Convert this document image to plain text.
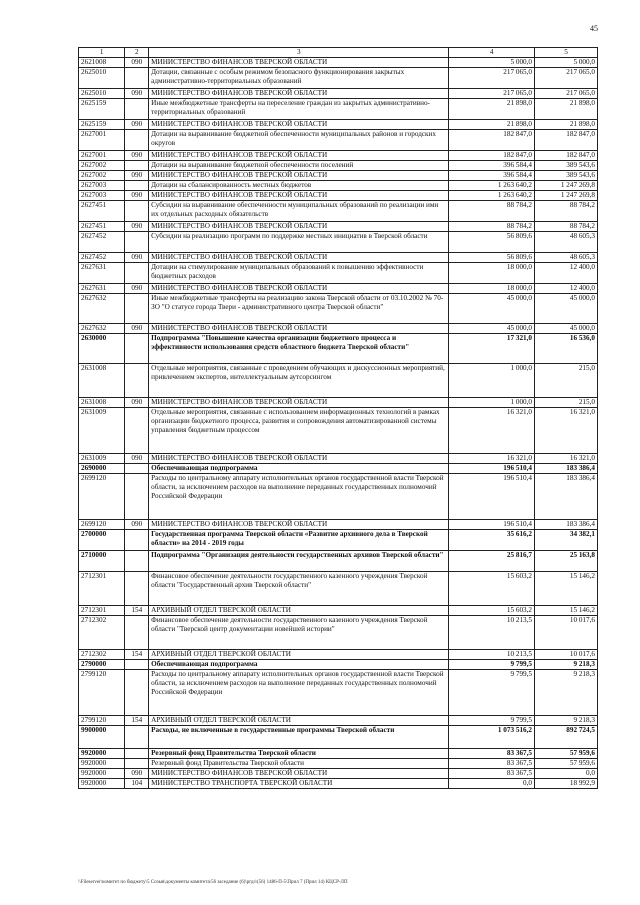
45
1	2	3	4	5
2621008	090	МИНИСТЕРСТВО ФИНАНСОВ ТВЕРСКОЙ ОБЛАСТИ	5 000,0	5 000,0
2625010		Дотации, связанные с особым режимом безопасного функционирования закрытых административно-территориальных образований	217 065,0	217 065,0
2625010	090	МИНИСТЕРСТВО ФИНАНСОВ ТВЕРСКОЙ ОБЛАСТИ	217 065,0	217 065,0
2625159		Иные межбюджетные трансферты на переселение граждан из закрытых административно-территориальных образований	21 898,0	21 898,0
2625159	090	МИНИСТЕРСТВО ФИНАНСОВ ТВЕРСКОЙ ОБЛАСТИ	21 898,0	21 898,0
2627001		Дотации на выравнивание бюджетной обеспеченности муниципальных районов и городских округов	182 847,0	182 847,0
2627001	090	МИНИСТЕРСТВО ФИНАНСОВ ТВЕРСКОЙ ОБЛАСТИ	182 847,0	182 847,0
2627002		Дотации на выравнивание бюджетной обеспеченности поселений	396 584,4	389 543,6
2627002	090	МИНИСТЕРСТВО ФИНАНСОВ ТВЕРСКОЙ ОБЛАСТИ	396 584,4	389 543,6
2627003		Дотации на сбалансированность местных бюджетов	1 263 640,2	1 247 269,8
2627003	090	МИНИСТЕРСТВО ФИНАНСОВ ТВЕРСКОЙ ОБЛАСТИ	1 263 640,2	1 247 269,8
2627451		Субсидии на выравнивание обеспеченности муниципальных образований по реализации ими их отдельных расходных обязательств	88 784,2	88 784,2
2627451	090	МИНИСТЕРСТВО ФИНАНСОВ ТВЕРСКОЙ ОБЛАСТИ	88 784,2	88 784,2
2627452		Субсидии на реализацию программ по поддержке местных инициатив в Тверской области	56 809,6	48 605,3
2627452	090	МИНИСТЕРСТВО ФИНАНСОВ ТВЕРСКОЙ ОБЛАСТИ	56 809,6	48 605,3
2627631		Дотации на стимулирование муниципальных образований к повышению эффективности бюджетных расходов	18 000,0	12 400,0
2627631	090	МИНИСТЕРСТВО ФИНАНСОВ ТВЕРСКОЙ ОБЛАСТИ	18 000,0	12 400,0
2627632		Иные межбюджетные трансферты на реализацию закона Тверской области от 03.10.2002 № 70-ЗО "О статусе города Твери - административного центра Тверской области"	45 000,0	45 000,0
2627632	090	МИНИСТЕРСТВО ФИНАНСОВ ТВЕРСКОЙ ОБЛАСТИ	45 000,0	45 000,0
2630000		Подпрограмма "Повышение качества организации бюджетного процесса и эффективности использования средств областного бюджета Тверской области"	17 321,0	16 536,0
2631008		Отдельные мероприятия, связанные с проведением обучающих и дискуссионных мероприятий, привлечением экспертов, интеллектуальным аутсорсингом	1 000,0	215,0
2631008	090	МИНИСТЕРСТВО ФИНАНСОВ ТВЕРСКОЙ ОБЛАСТИ	1 000,0	215,0
2631009		Отдельные мероприятия, связанные с использованием информационных технологий в рамках организации бюджетного процесса, развития и сопровождения автоматизированной системы управления бюджетным процессом	16 321,0	16 321,0
2631009	090	МИНИСТЕРСТВО ФИНАНСОВ ТВЕРСКОЙ ОБЛАСТИ	16 321,0	16 321,0
2690000		Обеспечивающая подпрограмма	196 510,4	183 386,4
2699120		Расходы по центральному аппарату исполнительных органов государственной власти Тверской области, за исключением расходов на выполнение переданных государственных полномочий Российской Федерации	196 510,4	183 386,4
2699120	090	МИНИСТЕРСТВО ФИНАНСОВ ТВЕРСКОЙ ОБЛАСТИ	196 510,4	183 386,4
2700000		Государственная программа Тверской области «Развитие архивного дела в Тверской области» на 2014 - 2019 годы	35 616,2	34 382,1
2710000		Подпрограмма "Организация деятельности государственных архивов Тверской области"	25 816,7	25 163,8
2712301		Финансовое обеспечение деятельности государственного казенного учреждения Тверской области "Государственный архив Тверской области"	15 603,2	15 146,2
2712301	154	АРХИВНЫЙ ОТДЕЛ ТВЕРСКОЙ ОБЛАСТИ	15 603,2	15 146,2
2712302		Финансовое обеспечение деятельности государственного казенного учреждения Тверской области "Тверской центр документации новейшей истории"	10 213,5	10 017,6
2712302	154	АРХИВНЫЙ ОТДЕЛ ТВЕРСКОЙ ОБЛАСТИ	10 213,5	10 017,6
2790000		Обеспечивающая подпрограмма	9 799,5	9 218,3
2799120		Расходы по центральному аппарату исполнительных органов государственной власти Тверской области, за исключением расходов на выполнение переданных государственных полномочий Российской Федерации	9 799,5	9 218,3
2799120	154	АРХИВНЫЙ ОТДЕЛ ТВЕРСКОЙ ОБЛАСТИ	9 799,5	9 218,3
9900000		Расходы, не включенные в государственные программы Тверской области	1 073 516,2	892 724,5
9920000		Резервный фонд Правительства Тверской области	83 367,5	57 959,6
9920000		Резервный фонд Правительства Тверской области	83 367,5	57 959,6
9920000	090	МИНИСТЕРСТВО ФИНАНСОВ ТВЕРСКОЙ ОБЛАСТИ	83 367,5	0,0
9920000	104	МИНИСТЕРСТВО ТРАНСПОРТА ТВЕРСКОЙ ОБЛАСТИ	0,0	18 992,9
\\Fileserver\комитет по бюджету\5 Созыв\документы комитета\56 заседание (6)\ргдз\(56) 1486-П-5\Прил 7 (Прил 14) КЦСР-ЛП
